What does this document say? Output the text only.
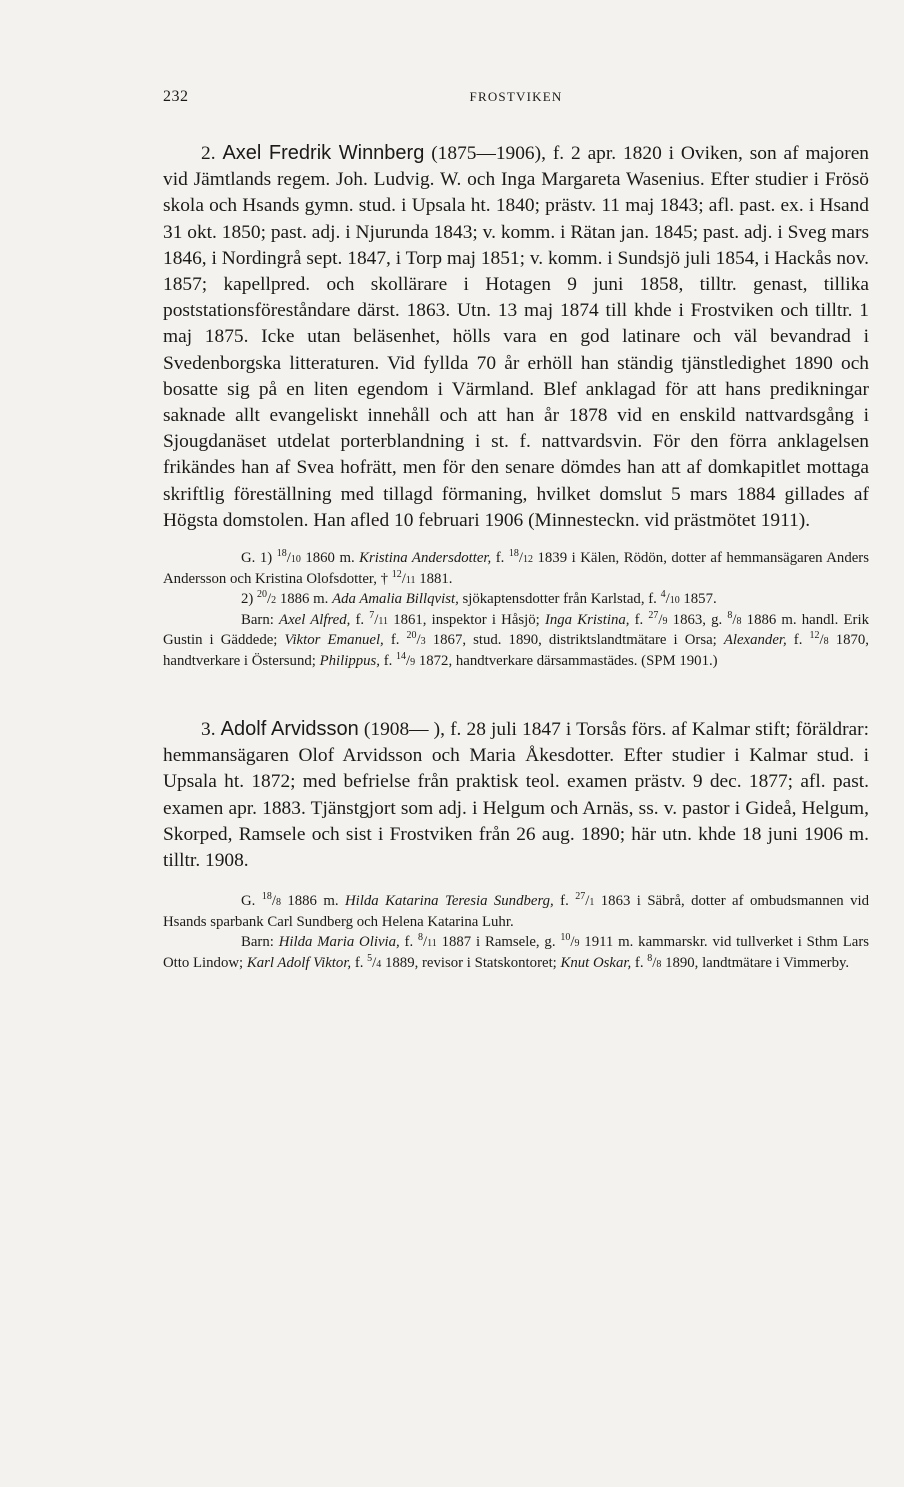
232	FROSTVIKEN

2. Axel Fredrik Winnberg (1875—1906), f. 2 apr. 1820 i Oviken, son af majoren vid Jämtlands regem. Joh. Ludvig. W. och Inga Margareta Wasenius. Efter studier i Frösö skola och Hsands gymn. stud. i Upsala ht. 1840; prästv. 11 maj 1843; afl. past. ex. i Hsand 31 okt. 1850; past. adj. i Njurunda 1843; v. komm. i Rätan jan. 1845; past. adj. i Sveg mars 1846, i Nordingrå sept. 1847, i Torp maj 1851; v. komm. i Sundsjö juli 1854, i Hackås nov. 1857; kapellpred. och skollärare i Hotagen 9 juni 1858, tilltr. genast, tillika poststationsföreståndare därst. 1863. Utn. 13 maj 1874 till khde i Frostviken och tilltr. 1 maj 1875. Icke utan beläsenhet, hölls vara en god latinare och väl bevandrad i Svedenborgska litteraturen. Vid fyllda 70 år erhöll han ständig tjänstledighet 1890 och bosatte sig på en liten egendom i Värmland. Blef anklagad för att hans predikningar saknade allt evangeliskt innehåll och att han år 1878 vid en enskild nattvardsgång i Sjougdanäset utdelat porterblandning i st. f. nattvardsvin. För den förra anklagelsen frikändes han af Svea hofrätt, men för den senare dömdes han att af domkapitlet mottaga skriftlig föreställning med tillagd förmaning, hvilket domslut 5 mars 1884 gillades af Högsta domstolen. Han afled 10 februari 1906 (Minnesteckn. vid prästmötet 1911).

G. 1) $^{18}$/10 1860 m. Kristina Andersdotter, f. $^{18}$/12 1839 i Kälen, Rödön, dotter af hemmansägaren Anders Andersson och Kristina Olofsdotter, † $^{12}$/11 1881.

2) $^{20}$/2 1886 m. Ada Amalia Billqvist, sjökaptensdotter från Karlstad, f. $^4$/10 1857.

Barn: Axel Alfred, f. $^7$/11 1861, inspektor i Håsjö; Inga Kristina, f. $^{27}$/9 1863, g. $^8$/8 1886 m. handl. Erik Gustin i Gäddede; Viktor Emanuel, f. $^{20}$/3 1867, stud. 1890, distriktslandtmätare i Orsa; Alexander, f. $^{12}$/8 1870, handtverkare i Östersund; Philippus, f. $^{14}$/9 1872, handtverkare därsammastädes. (SPM 1901.)

3. Adolf Arvidsson (1908— ), f. 28 juli 1847 i Torsås förs. af Kalmar stift; föräldrar: hemmansägaren Olof Arvidsson och Maria Åkesdotter. Efter studier i Kalmar stud. i Upsala ht. 1872; med befrielse från praktisk teol. examen prästv. 9 dec. 1877; afl. past. examen apr. 1883. Tjänstgjort som adj. i Helgum och Arnäs, ss. v. pastor i Gideå, Helgum, Skorped, Ramsele och sist i Frostviken från 26 aug. 1890; här utn. khde 18 juni 1906 m. tilltr. 1908.

G. $^{18}$/8 1886 m. Hilda Katarina Teresia Sundberg, f. $^{27}$/1 1863 i Säbrå, dotter af ombudsmannen vid Hsands sparbank Carl Sundberg och Helena Katarina Luhr.

Barn: Hilda Maria Olivia, f. $^8$/11 1887 i Ramsele, g. $^{10}$/9 1911 m. kammarskr. vid tullverket i Sthm Lars Otto Lindow; Karl Adolf Viktor, f. $^5$/4 1889, revisor i Statskontoret; Knut Oskar, f. $^8$/8 1890, landtmätare i Vimmerby.
